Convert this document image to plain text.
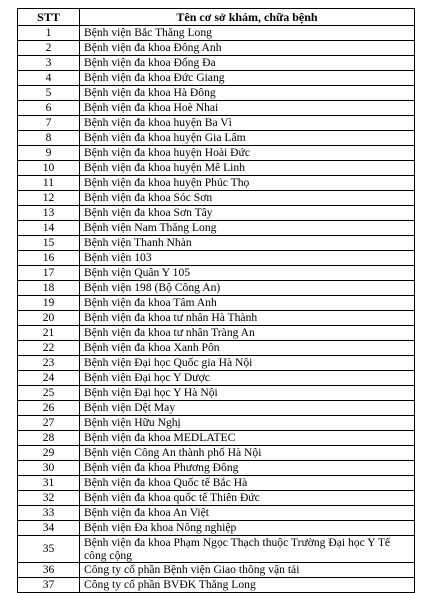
STT	Tên cơ sở khám, chữa bệnh
1	Bệnh viện Bắc Thăng Long
2	Bệnh viện đa khoa Đông Anh
3	Bệnh viện đa khoa Đống Đa
4	Bệnh viện đa khoa Đức Giang
5	Bệnh viện đa khoa Hà Đông
6	Bệnh viện đa khoa Hoè Nhai
7	Bệnh viện đa khoa huyện Ba Vì
8	Bệnh viện đa khoa huyện Gia Lâm
9	Bệnh viện đa khoa huyện Hoài Đức
10	Bệnh viện đa khoa huyện Mê Linh
11	Bệnh viện đa khoa huyện Phúc Thọ
12	Bệnh viện đa khoa Sóc Sơn
13	Bệnh viện đa khoa Sơn Tây
14	Bệnh viện Nam Thăng Long
15	Bệnh viện Thanh Nhàn
16	Bệnh viện 103
17	Bệnh viện Quân Y 105
18	Bệnh viện 198 (Bộ Công An)
19	Bệnh viện đa khoa Tâm Anh
20	Bệnh viện đa khoa tư nhân Hà Thành
21	Bệnh viện đa khoa tư nhân Tràng An
22	Bệnh viện đa khoa Xanh Pôn
23	Bệnh viện Đại học Quốc gia Hà Nội
24	Bệnh viện Đại học Y Dược
25	Bệnh viện Đại học Y Hà Nội
26	Bệnh viện Dệt May
27	Bệnh viện Hữu Nghị
28	Bệnh viện đa khoa MEDLATEC
29	Bệnh viện Công An thành phố Hà Nội
30	Bệnh viện đa khoa Phương Đông
31	Bệnh viện đa khoa Quốc tế Bắc Hà
32	Bệnh viện đa khoa quốc tế Thiên Đức
33	Bệnh viện đa khoa An Việt
34	Bệnh viện Đa khoa Nông nghiệp
35	Bệnh viện đa khoa Phạm Ngọc Thạch thuộc Trường Đại học Y Tế công cộng
36	Công ty cổ phần Bệnh viện Giao thông vận tải
37	Công ty cổ phần BVĐK Thăng Long
